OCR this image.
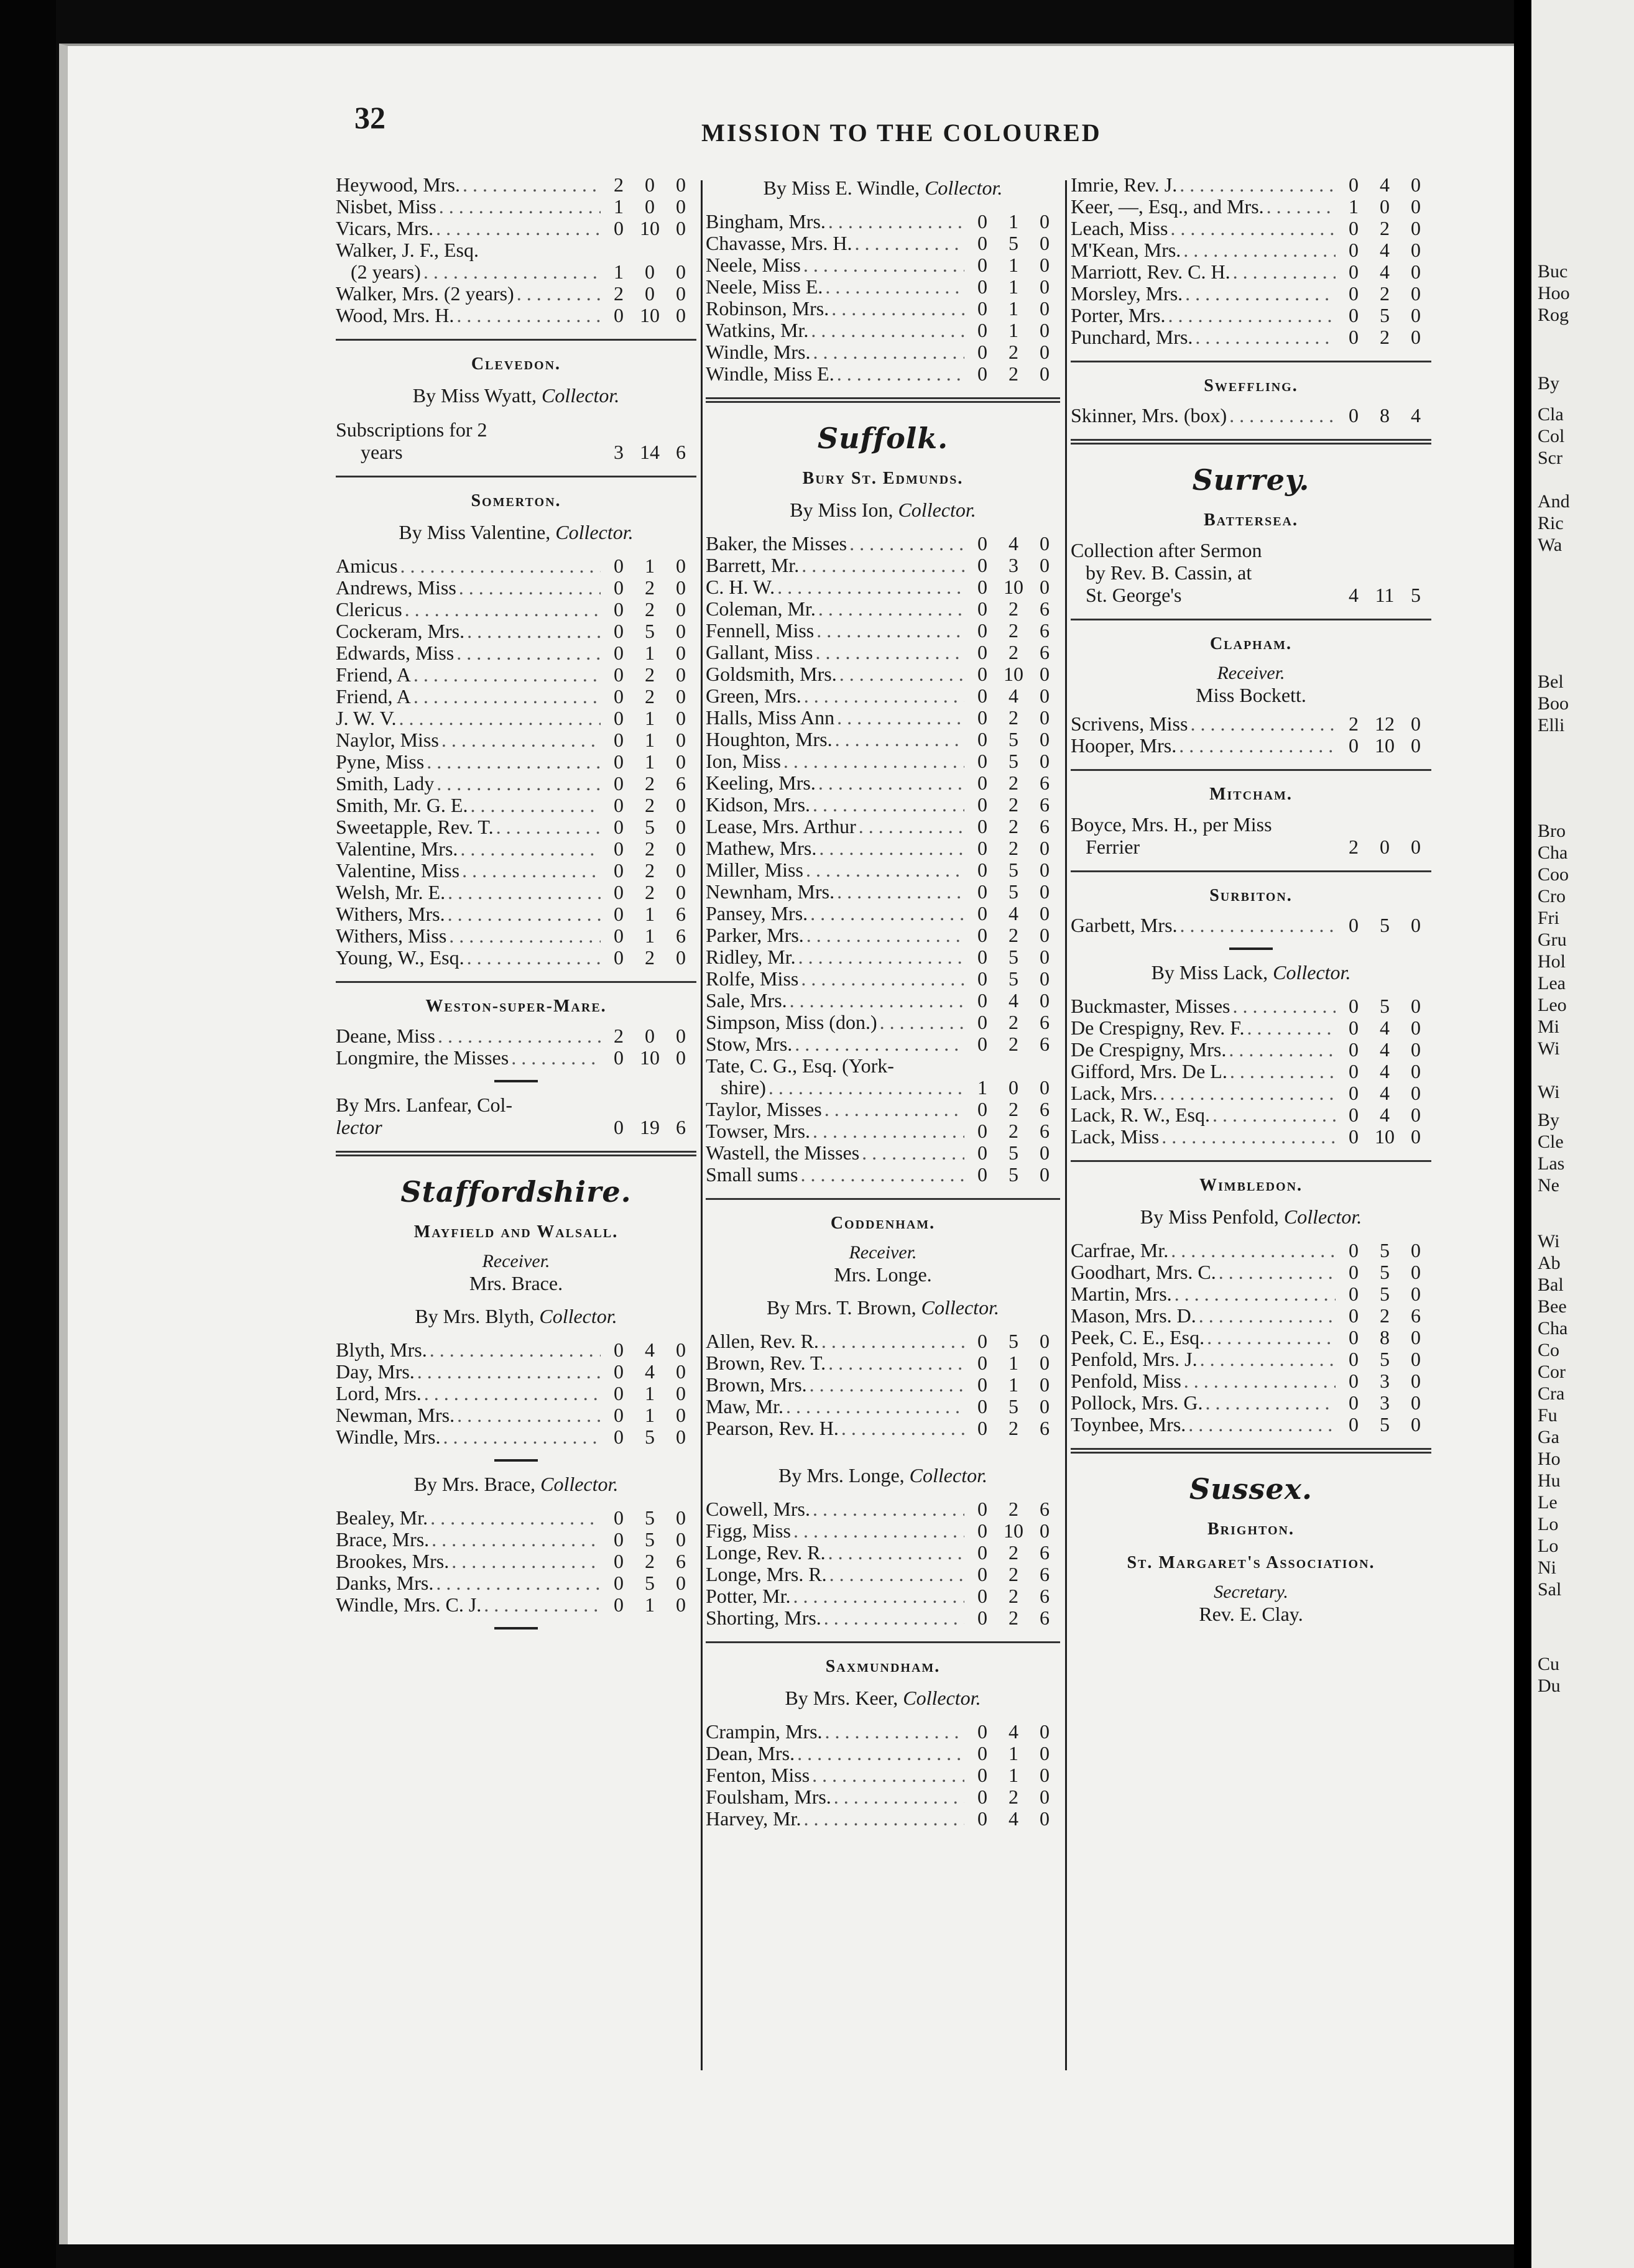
Buc
Hoo
Rog
By
Cla
Col
Scr
And
Ric
Wa
Bel
Boo
Elli
Bro
Cha
Coo
Cro
Fri
Gru
Hol
Lea
Leo
Mi
Wi
Wi
By
Cle
Las
Ne
Wi
Ab
Bal
Bee
Cha
Co
Cor
Cra
Fu
Ga
Ho
Hu
Le
Lo
Lo
Ni
Sal
Cu
Du
32	MISSION TO THE COLOURED
Heywood, Mrs. . . .	2	0	0
Nisbet, Miss . . .	1	0	0
Vicars, Mrs. . . .	0 10 0
Walker, J. F., Esq.
(2 years) . . .	1	0	0
Walker, Mrs. (2 years) . . .	2	0	0
Wood, Mrs. H. . . .	0 10 0
Clevedon.
By Miss Wyatt, Collector.
Subscriptions for 2
years	3 14 6
Somerton.
By Miss Valentine, Collector.
Amicus . . .	0	1	0
Andrews, Miss . . .	0	2	0
Clericus . . .	0	2	0
Cockeram, Mrs. . . .	0	5	0
Edwards, Miss . . .	0	1	0
Friend, A . . .	0	2	0
Friend, A . . .	0	2	0
J. W. V. . . .	0	1	0
Naylor, Miss . . .	0	1	0
Pyne, Miss . . .	0	1	0
Smith, Lady . . .	0	2	6
Smith, Mr. G. E. . . .	0	2	0
Sweetapple, Rev. T. . . .	0	5	0
Valentine, Mrs. . . .	0	2	0
Valentine, Miss . . .	0	2	0
Welsh, Mr. E. . . .	0	2	0
Withers, Mrs. . . .	0	1	6
Withers, Miss . . .	0	1	6
Young, W., Esq. . . .	0	2	0
Weston-super-Mare.
Deane, Miss . . .	2	0	0
Longmire, the Misses . . .	0 10 0
By Mrs. Lanfear, Col-
lector	0 19 6
Staffordshire.
Mayfield and Walsall.
Receiver.
Mrs. Brace.
By Mrs. Blyth, Collector.
Blyth, Mrs. . . .	0	4	0
Day, Mrs. . . .	0	4	0
Lord, Mrs. . . .	0	1	0
Newman, Mrs. . . .	0	1	0
Windle, Mrs. . . .	0	5	0
By Mrs. Brace, Collector.
Bealey, Mr. . . .	0	5	0
Brace, Mrs. . . .	0	5	0
Brookes, Mrs. . . .	0	2	6
Danks, Mrs. . . .	0	5	0
Windle, Mrs. C. J. . . .	0	1	0
By Miss E. Windle, Collector.
Bingham, Mrs. . . .	0	1	0
Chavasse, Mrs. H. . . .	0	5	0
Neele, Miss . . .	0	1	0
Neele, Miss E. . . .	0	1	0
Robinson, Mrs. . . .	0	1	0
Watkins, Mr. . . .	0	1	0
Windle, Mrs. . . .	0	2	0
Windle, Miss E. . . .	0	2	0
Suffolk.
Bury St. Edmunds.
By Miss Ion, Collector.
Baker, the Misses . . .	0	4	0
Barrett, Mr. . . .	0	3	0
C. H. W. . . .	0 10 0
Coleman, Mr. . . .	0	2	6
Fennell, Miss . . .	0	2	6
Gallant, Miss . . .	0	2	6
Goldsmith, Mrs. . . .	0 10 0
Green, Mrs. . . .	0	4	0
Halls, Miss Ann . . .	0	2	0
Houghton, Mrs. . . .	0	5	0
Ion, Miss . . .	0	5	0
Keeling, Mrs. . . .	0	2	6
Kidson, Mrs. . . .	0	2	6
Lease, Mrs. Arthur . . .	0	2	6
Mathew, Mrs. . . .	0	2	0
Miller, Miss . . .	0	5	0
Newnham, Mrs. . . .	0	5	0
Pansey, Mrs. . . .	0	4	0
Parker, Mrs. . . .	0	2	0
Ridley, Mr. . . .	0	5	0
Rolfe, Miss . . .	0	5	0
Sale, Mrs. . . .	0	4	0
Simpson, Miss (don.) . . .	0	2	6
Stow, Mrs. . . .	0	2	6
Tate, C. G., Esq. (York-
shire) . . .	1	0	0
Taylor, Misses . . .	0	2	6
Towser, Mrs. . . .	0	2	6
Wastell, the Misses . . .	0	5	0
Small sums . . .	0	5	0
Coddenham.
Receiver.
Mrs. Longe.
By Mrs. T. Brown, Collector.
Allen, Rev. R. . . .	0	5	0
Brown, Rev. T. . . .	0	1	0
Brown, Mrs. . . .	0	1	0
Maw, Mr. . . .	0	5	0
Pearson, Rev. H. . . .	0	2	6
By Mrs. Longe, Collector.
Cowell, Mrs. . . .	0	2	6
Figg, Miss . . .	0 10 0
Longe, Rev. R. . . .	0	2	6
Longe, Mrs. R. . . .	0	2	6
Potter, Mr. . . .	0	2	6
Shorting, Mrs. . . .	0	2	6
Saxmundham.
By Mrs. Keer, Collector.
Crampin, Mrs. . . .	0	4	0
Dean, Mrs. . . .	0	1	0
Fenton, Miss . . .	0	1	0
Foulsham, Mrs. . . .	0	2	0
Harvey, Mr. . . .	0	4	0
Imrie, Rev. J. . . .	0	4	0
Keer, —, Esq., and Mrs. . . .	1	0	0
Leach, Miss . . .	0	2	0
M'Kean, Mrs. . . .	0	4	0
Marriott, Rev. C. H. . . .	0	4	0
Morsley, Mrs. . . .	0	2	0
Porter, Mrs. . . .	0	5	0
Punchard, Mrs. . . .	0	2	0
Sweffling.
Skinner, Mrs. (box) . . .	0	8	4
Surrey.
Battersea.
Collection after Sermon
by Rev. B. Cassin, at
St. George's	4 11 5
Clapham.
Receiver.
Miss Bockett.
Scrivens, Miss . . .	2 12 0
Hooper, Mrs. . . .	0 10 0
Mitcham.
Boyce, Mrs. H., per Miss
Ferrier	2	0	0
Surbiton.
Garbett, Mrs. . . .	0	5	0
By Miss Lack, Collector.
Buckmaster, Misses . . .	0	5	0
De Crespigny, Rev. F. . . .	0	4	0
De Crespigny, Mrs. . . .	0	4	0
Gifford, Mrs. De L. . . .	0	4	0
Lack, Mrs. . . .	0	4	0
Lack, R. W., Esq. . . .	0	4	0
Lack, Miss . . .	0 10 0
Wimbledon.
By Miss Penfold, Collector.
Carfrae, Mr. . . .	0	5	0
Goodhart, Mrs. C. . . .	0	5	0
Martin, Mrs. . . .	0	5	0
Mason, Mrs. D. . . .	0	2	6
Peek, C. E., Esq. . . .	0	8	0
Penfold, Mrs. J. . . .	0	5	0
Penfold, Miss . . .	0	3	0
Pollock, Mrs. G. . . .	0	3	0
Toynbee, Mrs. . . .	0	5	0
Sussex.
Brighton.
St. Margaret's Association.
Secretary.
Rev. E. Clay.
